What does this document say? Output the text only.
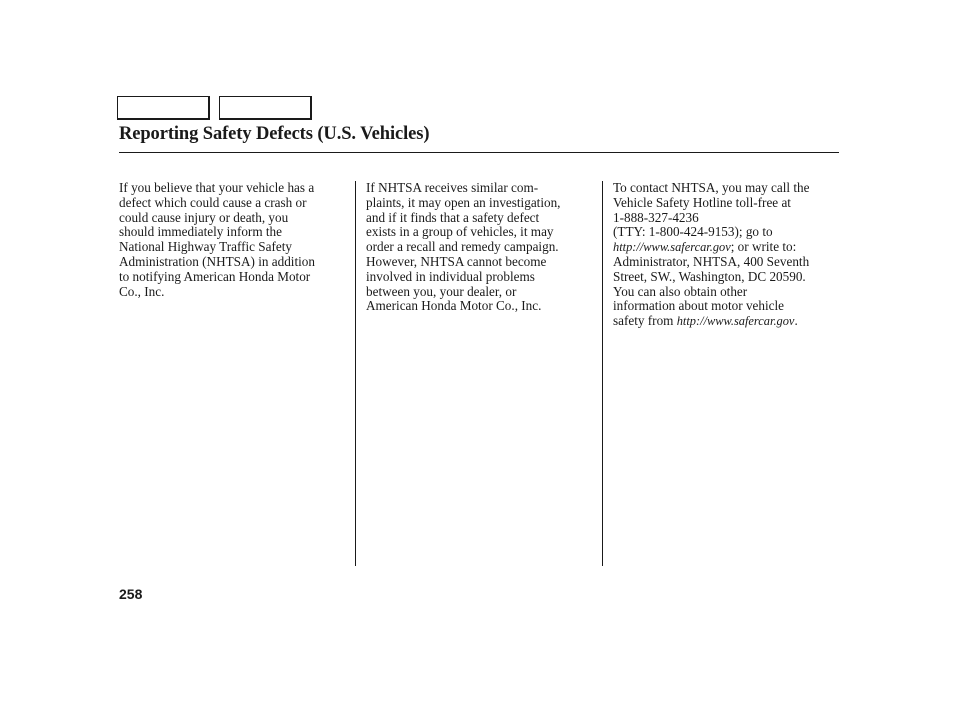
Reporting Safety Defects (U.S. Vehicles)
If you believe that your vehicle has a
defect which could cause a crash or
could cause injury or death, you
should immediately inform the
National Highway Traffic Safety
Administration (NHTSA) in addition
to notifying American Honda Motor
Co., Inc.
If NHTSA receives similar com-
plaints, it may open an investigation,
and if it finds that a safety defect
exists in a group of vehicles, it may
order a recall and remedy campaign.
However, NHTSA cannot become
involved in individual problems
between you, your dealer, or
American Honda Motor Co., Inc.
To contact NHTSA, you may call the
Vehicle Safety Hotline toll-free at
1-888-327-4236
(TTY: 1-800-424-9153); go to
http://www.safercar.gov; or write to:
Administrator, NHTSA, 400 Seventh
Street, SW., Washington, DC 20590.
You can also obtain other
information about motor vehicle
safety from http://www.safercar.gov.
258
